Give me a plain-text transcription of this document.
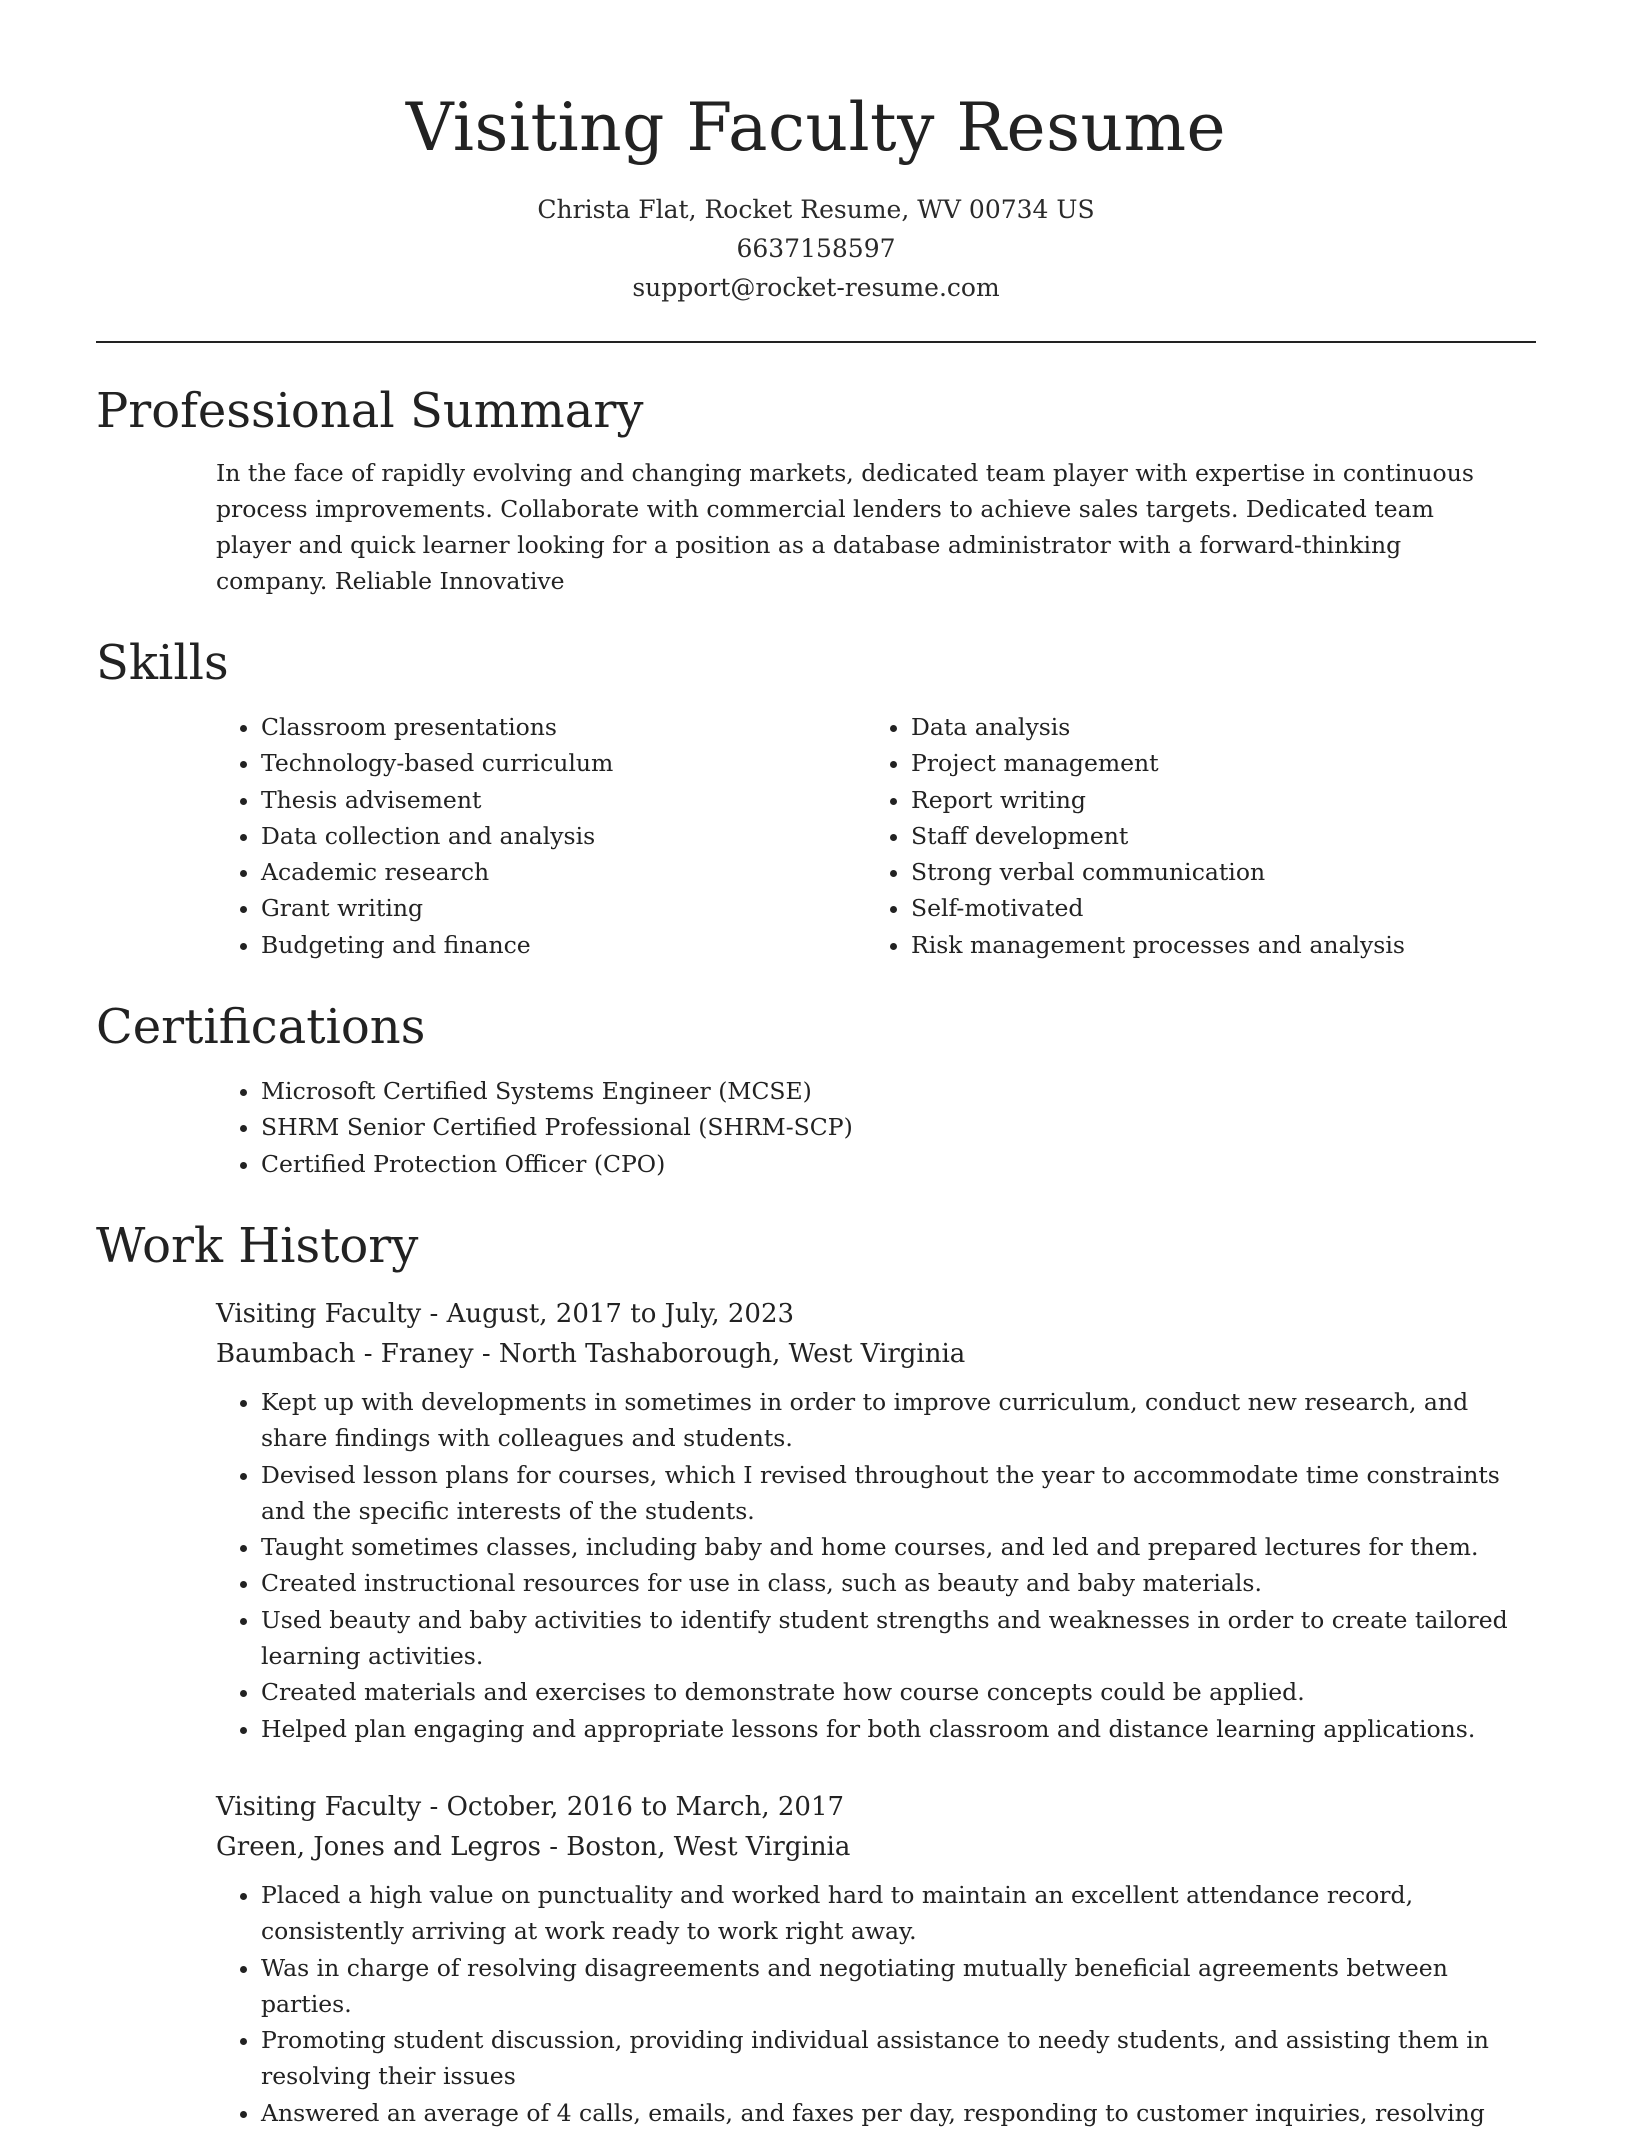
Visiting Faculty Resume
Christa Flat, Rocket Resume, WV 00734 US
6637158597
support@rocket-resume.com
Professional Summary
In the face of rapidly evolving and changing markets, dedicated team player with expertise in continuous process improvements. Collaborate with commercial lenders to achieve sales targets. Dedicated team player and quick learner looking for a position as a database administrator with a forward-thinking company. Reliable Innovative
Skills
• Classroom presentations
• Technology-based curriculum
• Thesis advisement
• Data collection and analysis
• Academic research
• Grant writing
• Budgeting and finance
• Data analysis
• Project management
• Report writing
• Staff development
• Strong verbal communication
• Self-motivated
• Risk management processes and analysis
Certifications
• Microsoft Certified Systems Engineer (MCSE)
• SHRM Senior Certified Professional (SHRM-SCP)
• Certified Protection Officer (CPO)
Work History
Visiting Faculty - August, 2017 to July, 2023
Baumbach - Franey - North Tashaborough, West Virginia
• Kept up with developments in sometimes in order to improve curriculum, conduct new research, and share findings with colleagues and students.
• Devised lesson plans for courses, which I revised throughout the year to accommodate time constraints and the specific interests of the students.
• Taught sometimes classes, including baby and home courses, and led and prepared lectures for them.
• Created instructional resources for use in class, such as beauty and baby materials.
• Used beauty and baby activities to identify student strengths and weaknesses in order to create tailored learning activities.
• Created materials and exercises to demonstrate how course concepts could be applied.
• Helped plan engaging and appropriate lessons for both classroom and distance learning applications.
Visiting Faculty - October, 2016 to March, 2017
Green, Jones and Legros - Boston, West Virginia
• Placed a high value on punctuality and worked hard to maintain an excellent attendance record, consistently arriving at work ready to work right away.
• Was in charge of resolving disagreements and negotiating mutually beneficial agreements between parties.
• Promoting student discussion, providing individual assistance to needy students, and assisting them in resolving their issues
• Answered an average of 4 calls, emails, and faxes per day, responding to customer inquiries, resolving
